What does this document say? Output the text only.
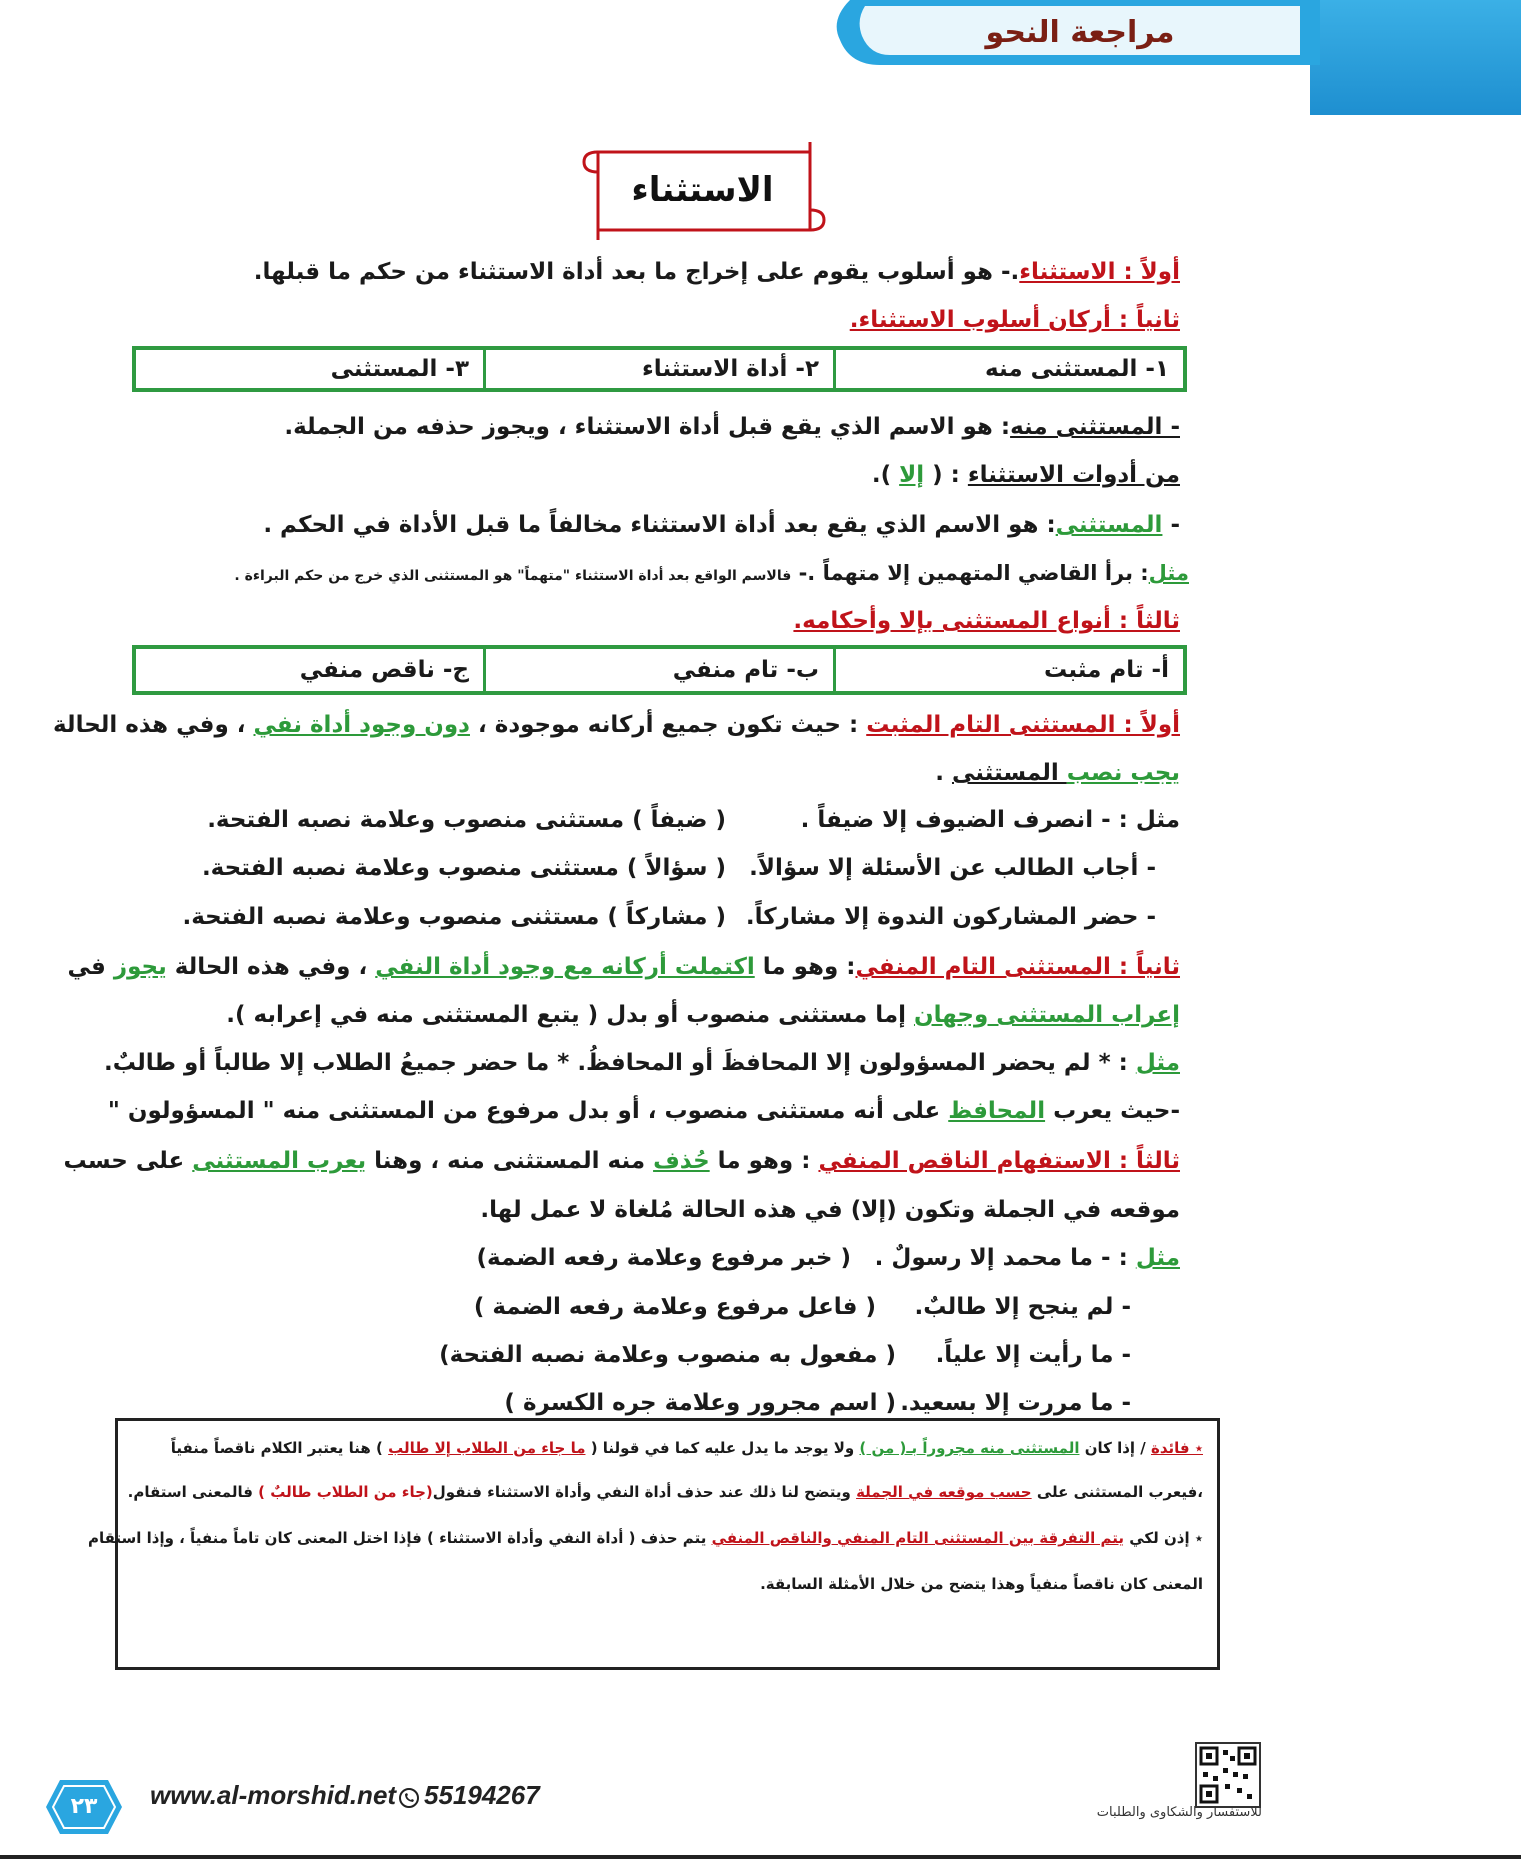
مراجعة النحو
الاستثناء
أولاً : الاستثناء.- هو أسلوب يقوم على إخراج ما بعد أداة الاستثناء من حكم ما قبلها.
ثانياً : أركان أسلوب الاستثناء.
١- المستثنى منه
٢- أداة الاستثناء
٣- المستثنى
- المستثنى منه: هو الاسم الذي يقع قبل أداة الاستثناء ، ويجوز حذفه من الجملة.
من أدوات الاستثناء : ( إلا ).
- المستثنى: هو الاسم الذي يقع بعد أداة الاستثناء مخالفاً ما قبل الأداة في الحكم .
مثل: برأ القاضي المتهمين إلا متهماً .- فالاسم الواقع بعد أداة الاستثناء "متهماً" هو المستثنى الذي خرج من حكم البراءة .
ثالثاً : أنواع المستثنى بإلا وأحكامه.
أ- تام مثبت
ب- تام منفي
ج- ناقص منفي
أولاً : المستثنى التام المثبت : حيث تكون جميع أركانه موجودة ، دون وجود أداة نفي ، وفي هذه الحالة
يجب نصب المستثنى .
مثل : - انصرف الضيوف إلا ضيفاً .
( ضيفاً ) مستثنى منصوب وعلامة نصبه الفتحة.
- أجاب الطالب عن الأسئلة إلا سؤالاً.
( سؤالاً ) مستثنى منصوب وعلامة نصبه الفتحة.
- حضر المشاركون الندوة إلا مشاركاً.
( مشاركاً ) مستثنى منصوب وعلامة نصبه الفتحة.
ثانياً : المستثنى التام المنفي: وهو ما اكتملت أركانه مع وجود أداة النفي ، وفي هذه الحالة يجوز في
إعراب المستثنى وجهان إما مستثنى منصوب أو بدل ( يتبع المستثنى منه في إعرابه ).
مثل : * لم يحضر المسؤولون إلا المحافظَ أو المحافظُ. * ما حضر جميعُ الطلاب إلا طالباً أو طالبٌ.
-حيث يعرب المحافظ على أنه مستثنى منصوب ، أو بدل مرفوع من المستثنى منه " المسؤولون "
ثالثاً : الاستفهام الناقص المنفي : وهو ما حُذف منه المستثنى منه ، وهنا يعرب المستثنى على حسب
موقعه في الجملة وتكون (إلا) في هذه الحالة مُلغاة لا عمل لها.
مثل : - ما محمد إلا رسولٌ .
( خبر مرفوع وعلامة رفعه الضمة)
- لم ينجح إلا طالبٌ.
( فاعل مرفوع وعلامة رفعه الضمة )
- ما رأيت إلا علياً.
( مفعول به منصوب وعلامة نصبه الفتحة)
- ما مررت إلا بسعيد.
( اسم مجرور وعلامة جره الكسرة )
٭ فائدة / إذا كان المستثنى منه مجروراً بـ( من ) ولا يوجد ما يدل عليه كما في قولنا ( ما جاء من الطلاب إلا طالب ) هنا يعتبر الكلام ناقصاً منفياً
،فيعرب المستثنى على حسب موقعه في الجملة ويتضح لنا ذلك عند حذف أداة النفي وأداة الاستثناء فنقول(جاء من الطلاب طالبٌ ) فالمعنى استقام.
٭ إذن لكي يتم التفرقة بين المستثنى التام المنفي والناقص المنفي يتم حذف ( أداة النفي وأداة الاستثناء ) فإذا اختل المعنى كان تاماً منفياً ، وإذا استقام
المعنى كان ناقصاً منفياً وهذا يتضح من خلال الأمثلة السابقة.
٢٣	www.al-morshid.net 55194267
للاستفسار والشكاوى والطلبات
